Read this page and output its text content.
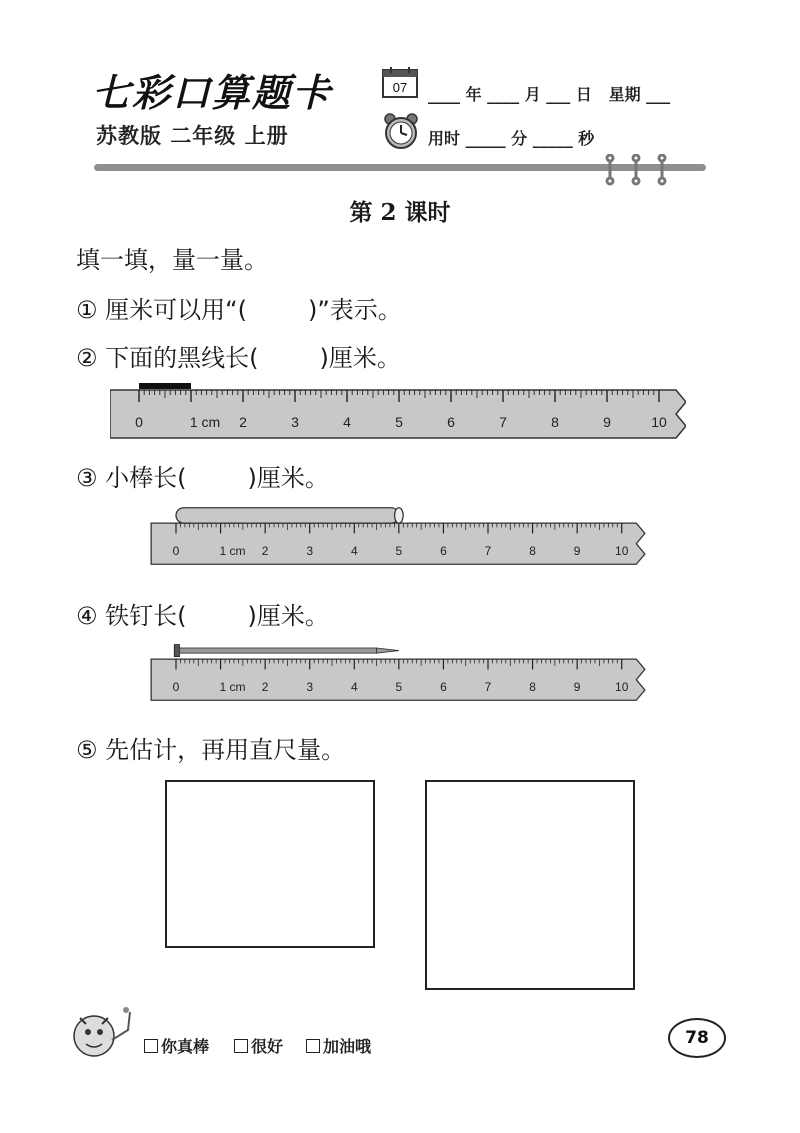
七彩口算题卡
苏教版 二年级 上册
07 ____ 年 ____ 月 ___ 日   星期 ___
用时 _____ 分 _____ 秒
第 2 课时
填一填，量一量。
① 厘米可以用“(        )”表示。
② 下面的黑线长(        )厘米。
0	1 cm 2	3	4	5	6	7	8	9	10
③ 小棒长(        )厘米。
0	1 cm 2	3	4	5	6	7	8	9 10
④ 铁钉长(        )厘米。
0	1 cm 2	3	4	5	6	7	8	9 10
⑤ 先估计，再用直尺量。
你真棒	很好 加油哦	78
